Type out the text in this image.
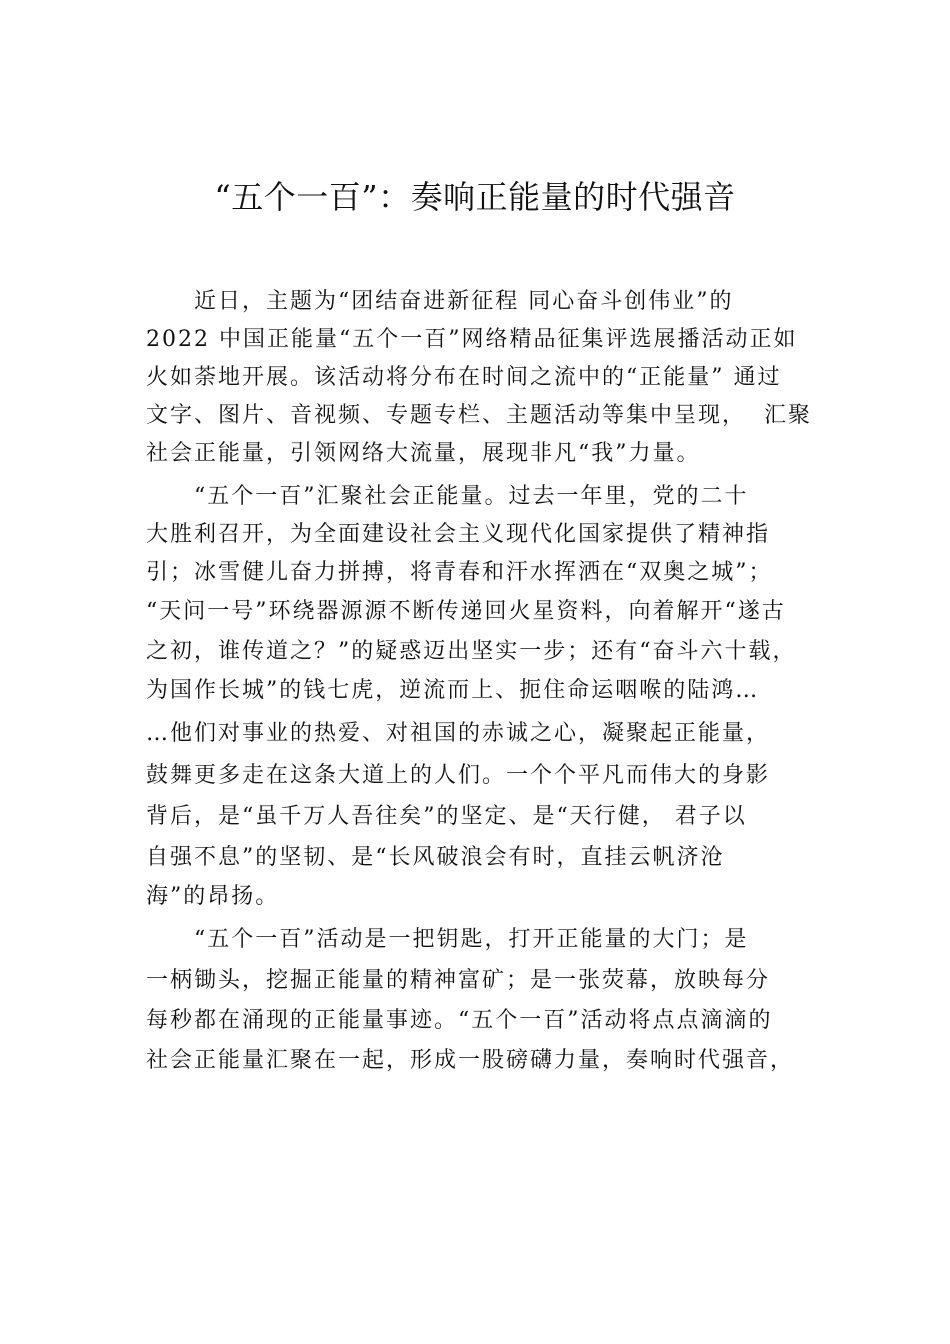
“五个一百”：奏响正能量的时代强音
　　近日，主题为“团结奋进新征程 同心奋斗创伟业”的
2022 中国正能量“五个一百”网络精品征集评选展播活动正如
火如荼地开展。该活动将分布在时间之流中的“正能量” 通过
文字、图片、音视频、专题专栏、主题活动等集中呈现，  汇聚
社会正能量，引领网络大流量，展现非凡“我”力量。
　　“五个一百”汇聚社会正能量。过去一年里，党的二十
大胜利召开，为全面建设社会主义现代化国家提供了精神指
引；冰雪健儿奋力拼搏，将青春和汗水挥洒在“双奥之城”；
“天问一号”环绕器源源不断传递回火星资料，向着解开“遂古
之初，谁传道之？”的疑惑迈出坚实一步；还有“奋斗六十载，
为国作长城”的钱七虎，逆流而上、扼住命运咽喉的陆鸿…
…他们对事业的热爱、对祖国的赤诚之心，凝聚起正能量，
鼓舞更多走在这条大道上的人们。一个个平凡而伟大的身影
背后，是“虽千万人吾往矣”的坚定、是“天行健， 君子以
自强不息”的坚韧、是“长风破浪会有时，直挂云帆济沧
海”的昂扬。
　　“五个一百”活动是一把钥匙，打开正能量的大门；是
一柄锄头，挖掘正能量的精神富矿；是一张荧幕，放映每分
每秒都在涌现的正能量事迹。“五个一百”活动将点点滴滴的
社会正能量汇聚在一起，形成一股磅礴力量，奏响时代强音，
